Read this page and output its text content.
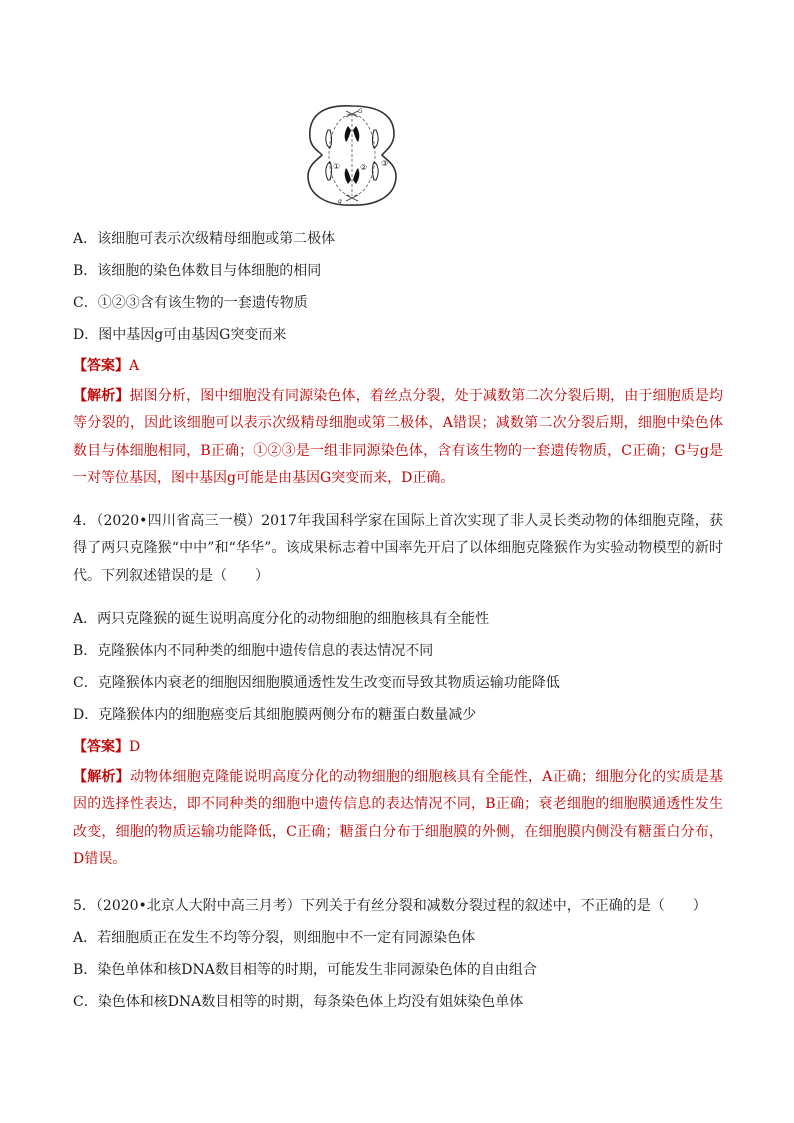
① ② ③
G
g
A．该细胞可表示次级精母细胞或第二极体
B．该细胞的染色体数目与体细胞的相同
C．①②③含有该生物的一套遗传物质
D．图中基因g可由基因G突变而来
【答案】A
【解析】据图分析，图中细胞没有同源染色体，着丝点分裂，处于减数第二次分裂后期，由于细胞质是均等分裂的，因此该细胞可以表示次级精母细胞或第二极体，A错误；减数第二次分裂后期，细胞中染色体数目与体细胞相同，B正确；①②③是一组非同源染色体，含有该生物的一套遗传物质，C正确；G与g是一对等位基因，图中基因g可能是由基因G突变而来，D正确。
4．（2020•四川省高三一模）2017年我国科学家在国际上首次实现了非人灵长类动物的体细胞克隆，获得了两只克隆猴“中中”和“华华”。该成果标志着中国率先开启了以体细胞克隆猴作为实验动物模型的新时代。下列叙述错误的是（　　）
A．两只克隆猴的诞生说明高度分化的动物细胞的细胞核具有全能性
B．克隆猴体内不同种类的细胞中遗传信息的表达情况不同
C．克隆猴体内衰老的细胞因细胞膜通透性发生改变而导致其物质运输功能降低
D．克隆猴体内的细胞癌变后其细胞膜两侧分布的糖蛋白数量减少
【答案】D
【解析】动物体细胞克隆能说明高度分化的动物细胞的细胞核具有全能性，A正确；细胞分化的实质是基因的选择性表达，即不同种类的细胞中遗传信息的表达情况不同，B正确；衰老细胞的细胞膜通透性发生改变，细胞的物质运输功能降低，C正确；糖蛋白分布于细胞膜的外侧，在细胞膜内侧没有糖蛋白分布，D错误。
5．（2020•北京人大附中高三月考）下列关于有丝分裂和减数分裂过程的叙述中，不正确的是（　　）
A．若细胞质正在发生不均等分裂，则细胞中不一定有同源染色体
B．染色单体和核DNA数目相等的时期，可能发生非同源染色体的自由组合
C．染色体和核DNA数目相等的时期，每条染色体上均没有姐妹染色单体
